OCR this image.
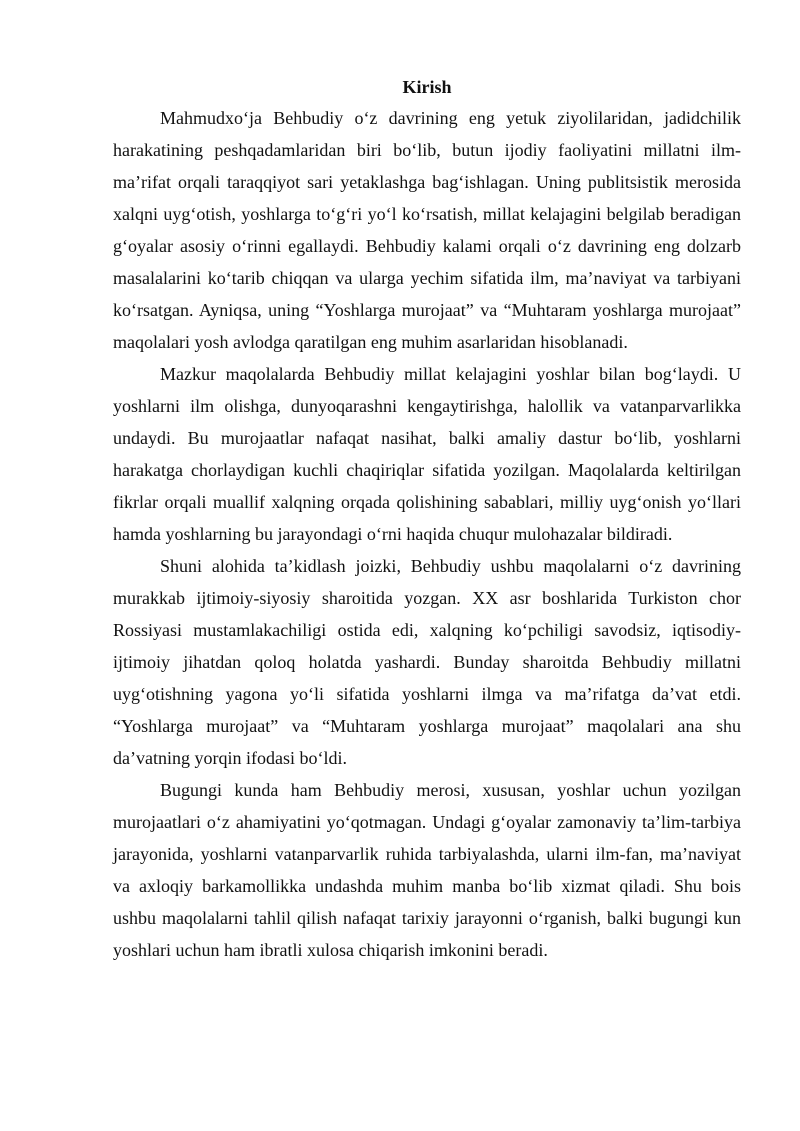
Kirish

Mahmudxo‘ja Behbudiy o‘z davrining eng yetuk ziyolilaridan, jadidchilik harakatining peshqadamlaridan biri bo‘lib, butun ijodiy faoliyatini millatni ilm-ma’rifat orqali taraqqiyot sari yetaklashga bag‘ishlagan. Uning publitsistik merosida xalqni uyg‘otish, yoshlarga to‘g‘ri yo‘l ko‘rsatish, millat kelajagini belgilab beradigan g‘oyalar asosiy o‘rinni egallaydi. Behbudiy kalami orqali o‘z davrining eng dolzarb masalalarini ko‘tarib chiqqan va ularga yechim sifatida ilm, ma’naviyat va tarbiyani ko‘rsatgan. Ayniqsa, uning “Yoshlarga murojaat” va “Muhtaram yoshlarga murojaat” maqolalari yosh avlodga qaratilgan eng muhim asarlaridan hisoblanadi.

Mazkur maqolalarda Behbudiy millat kelajagini yoshlar bilan bog‘laydi. U yoshlarni ilm olishga, dunyoqarashni kengaytirishga, halollik va vatanparvarlikka undaydi. Bu murojaatlar nafaqat nasihat, balki amaliy dastur bo‘lib, yoshlarni harakatga chorlaydigan kuchli chaqiriqlar sifatida yozilgan. Maqolalarda keltirilgan fikrlar orqali muallif xalqning orqada qolishining sabablari, milliy uyg‘onish yo‘llari hamda yoshlarning bu jarayondagi o‘rni haqida chuqur mulohazalar bildiradi.

Shuni alohida ta’kidlash joizki, Behbudiy ushbu maqolalarni o‘z davrining murakkab ijtimoiy-siyosiy sharoitida yozgan. XX asr boshlarida Turkiston chor Rossiyasi mustamlakachiligi ostida edi, xalqning ko‘pchiligi savodsiz, iqtisodiy-ijtimoiy jihatdan qoloq holatda yashardi. Bunday sharoitda Behbudiy millatni uyg‘otishning yagona yo‘li sifatida yoshlarni ilmga va ma’rifatga da’vat etdi. “Yoshlarga murojaat” va “Muhtaram yoshlarga murojaat” maqolalari ana shu da’vatning yorqin ifodasi bo‘ldi.

Bugungi kunda ham Behbudiy merosi, xususan, yoshlar uchun yozilgan murojaatlari o‘z ahamiyatini yo‘qotmagan. Undagi g‘oyalar zamonaviy ta’lim-tarbiya jarayonida, yoshlarni vatanparvarlik ruhida tarbiyalashda, ularni ilm-fan, ma’naviyat va axloqiy barkamollikka undashda muhim manba bo‘lib xizmat qiladi. Shu bois ushbu maqolalarni tahlil qilish nafaqat tarixiy jarayonni o‘rganish, balki bugungi kun yoshlari uchun ham ibratli xulosa chiqarish imkonini beradi.
